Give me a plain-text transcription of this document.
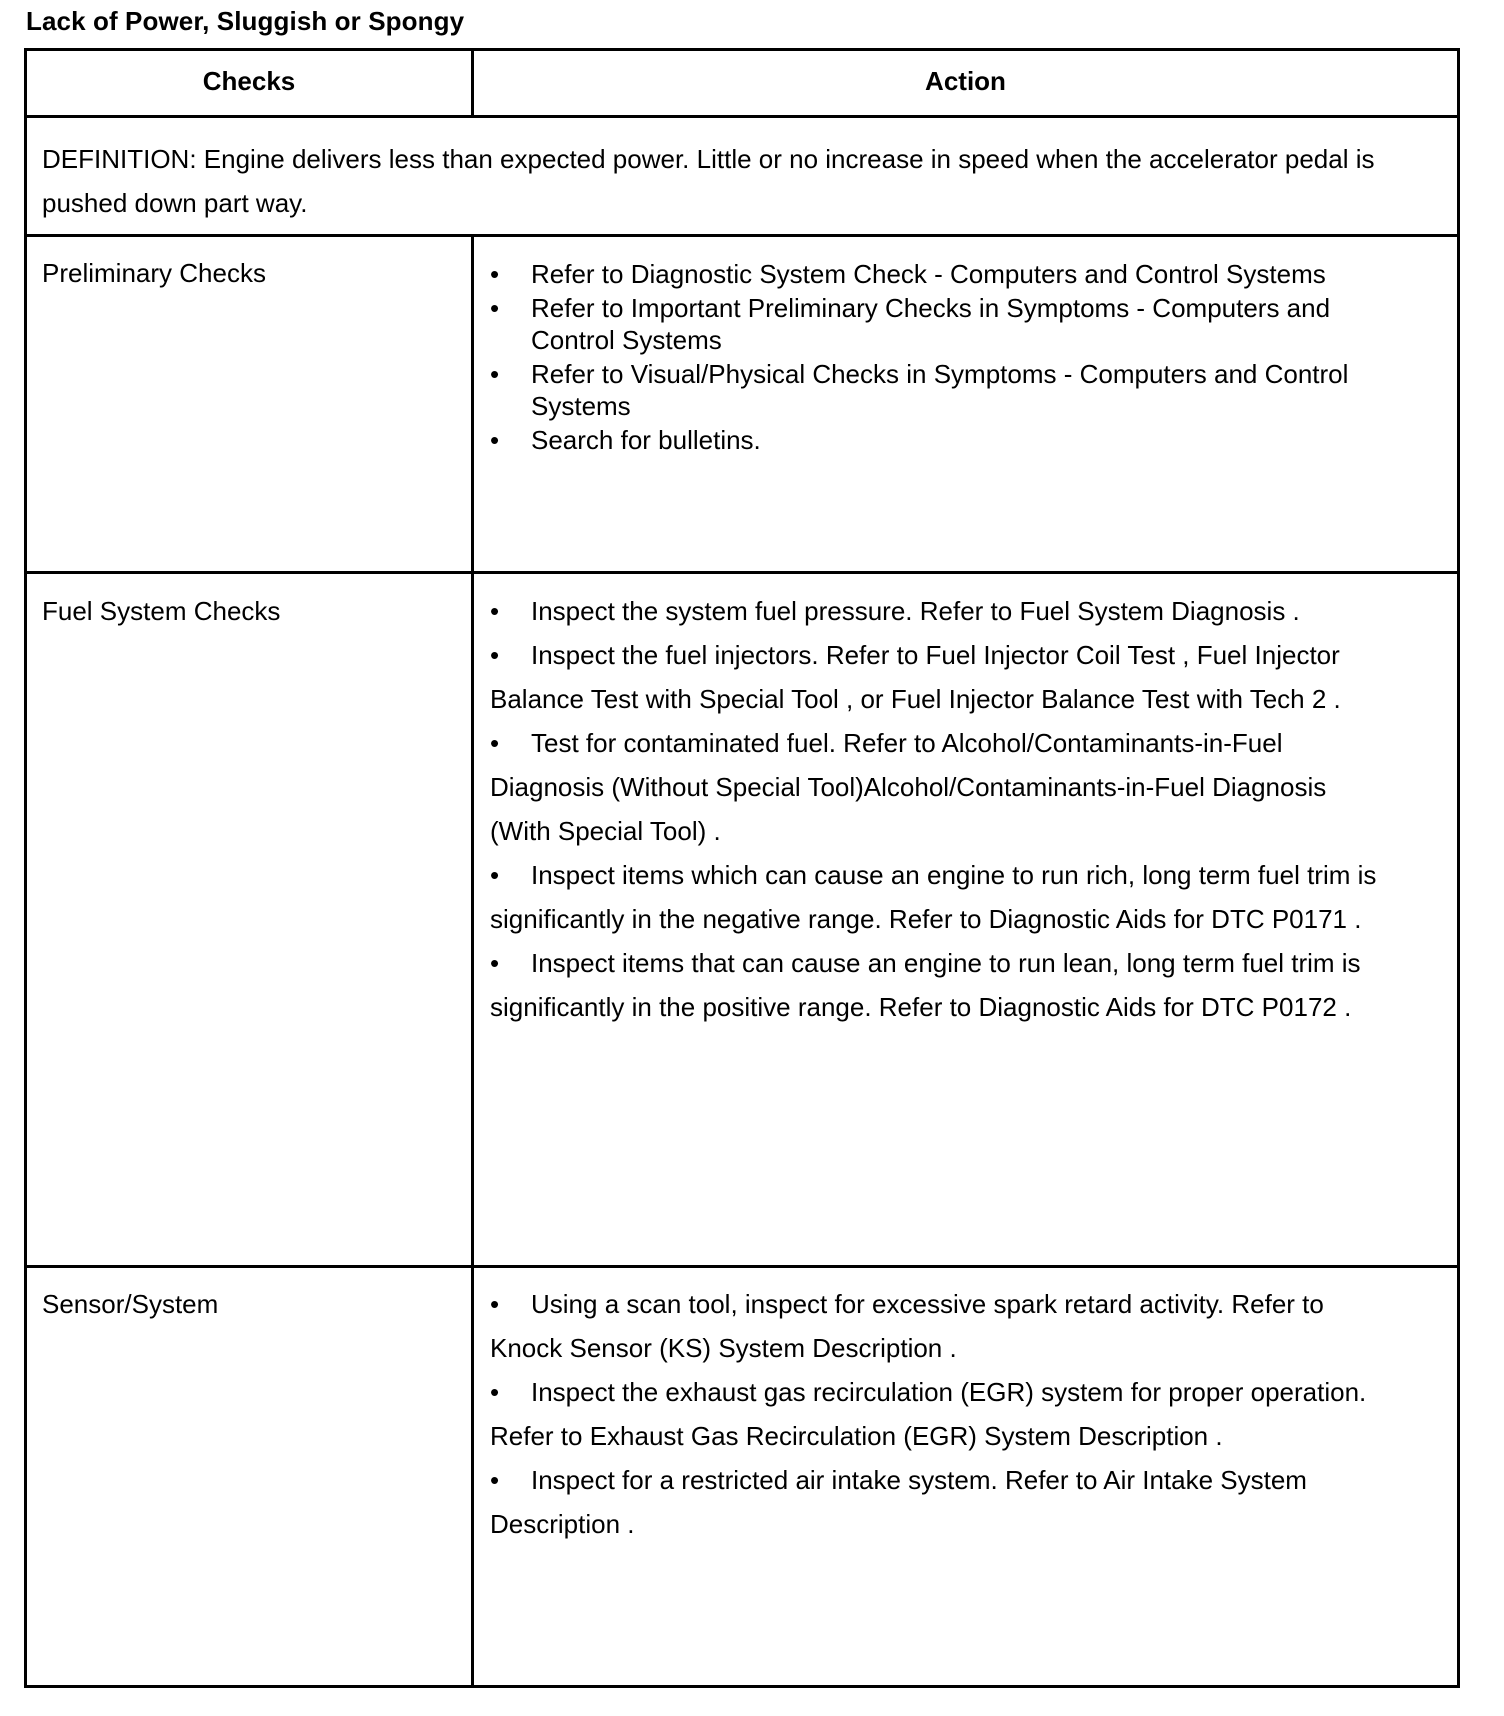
Lack of Power, Sluggish or Spongy
Checks	Action
DEFINITION: Engine delivers less than expected power. Little or no increase in speed when the accelerator pedal is pushed down part way.
Preliminary Checks	•	Refer to Diagnostic System Check - Computers and Control Systems
•	Refer to Important Preliminary Checks in Symptoms - Computers and Control Systems
•	Refer to Visual/Physical Checks in Symptoms - Computers and Control Systems
•	Search for bulletins.
Fuel System Checks	• Inspect the system fuel pressure. Refer to Fuel System Diagnosis .
• Inspect the fuel injectors. Refer to Fuel Injector Coil Test , Fuel Injector Balance Test with Special Tool , or Fuel Injector Balance Test with Tech 2 .
• Test for contaminated fuel. Refer to Alcohol/Contaminants-in-Fuel Diagnosis (Without Special Tool)Alcohol/Contaminants-in-Fuel Diagnosis (With Special Tool) .
• Inspect items which can cause an engine to run rich, long term fuel trim is significantly in the negative range. Refer to Diagnostic Aids for DTC P0171 .
• Inspect items that can cause an engine to run lean, long term fuel trim is significantly in the positive range. Refer to Diagnostic Aids for DTC P0172 .
Sensor/System	• Using a scan tool, inspect for excessive spark retard activity. Refer to Knock Sensor (KS) System Description .
• Inspect the exhaust gas recirculation (EGR) system for proper operation. Refer to Exhaust Gas Recirculation (EGR) System Description .
• Inspect for a restricted air intake system. Refer to Air Intake System Description .
